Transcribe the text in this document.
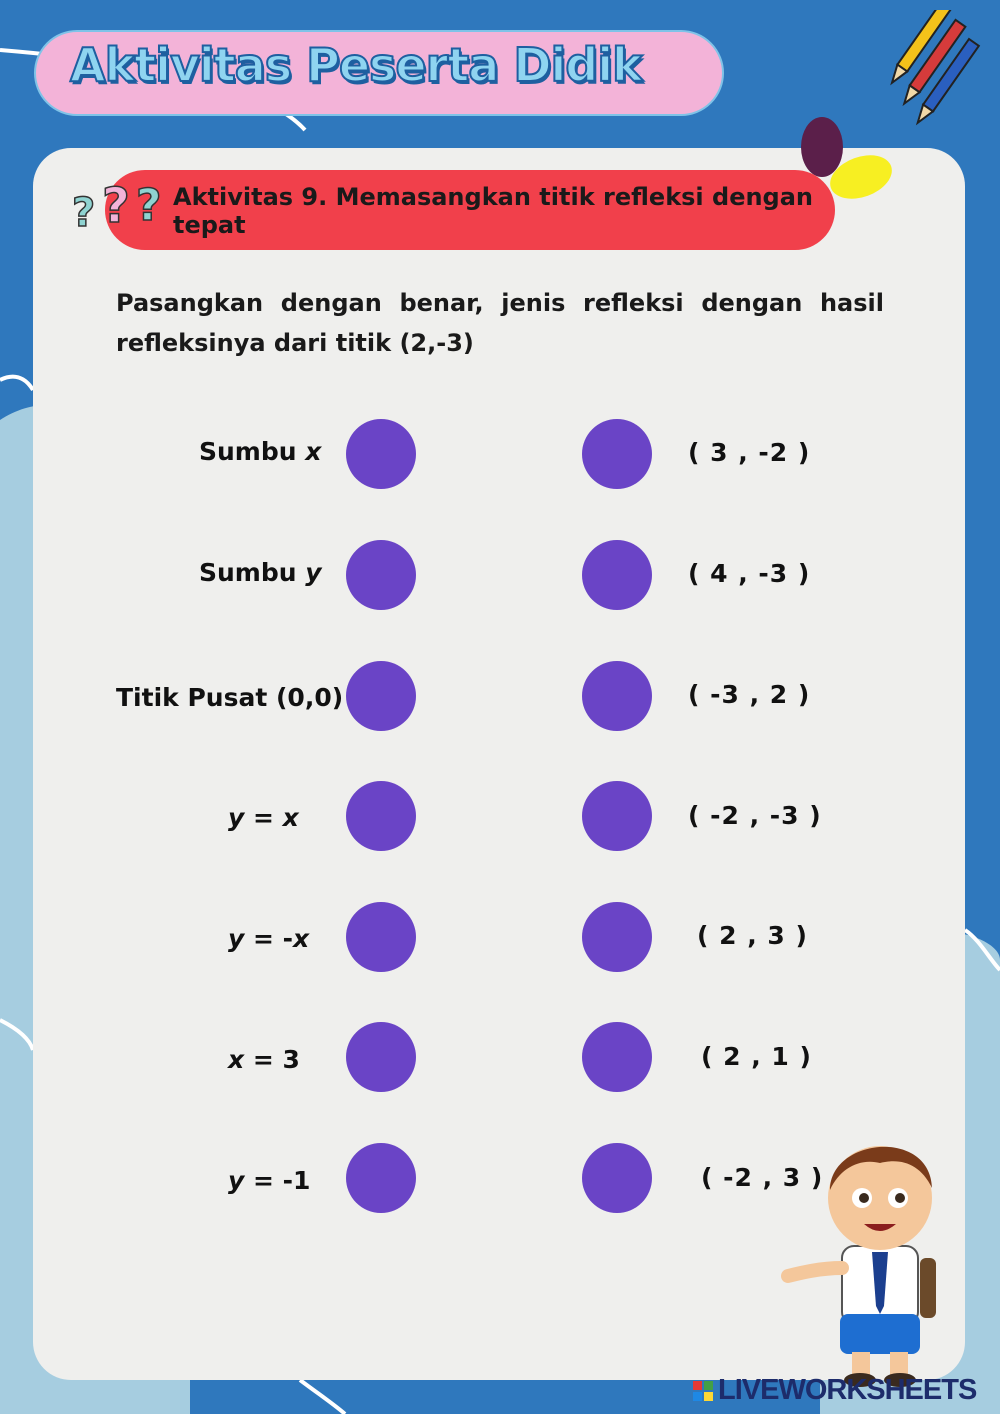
Aktivitas Peserta Didik
? ? ? Aktivitas 9. Memasangkan titik refleksi dengan tepat
Pasangkan dengan benar, jenis refleksi dengan hasil refleksinya dari titik (2,-3)
Sumbu x
Sumbu y
Titik Pusat (0,0)
y = x
y = -x
x = 3
y = -1
( 3 , -2 )
( 4 , -3 )
( -3 , 2 )
( -2 , -3 )
( 2 , 3 )
( 2 , 1 )
( -2 , 3 )
LIVEWORKSHEETS
